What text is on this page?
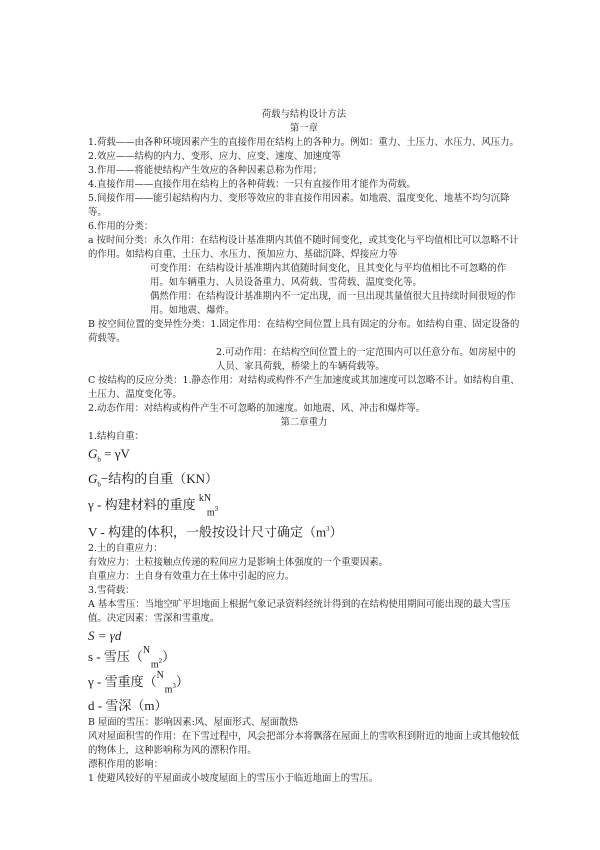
荷载与结构设计方法

第一章

1.荷载——由各种环境因素产生的直接作用在结构上的各种力。例如：重力、土压力、水压力、风压力。

2.效应——结构的内力、变形、应力、应变、速度、加速度等

3.作用——将能使结构产生效应的各种因素总称为作用；

4.直接作用——直接作用在结构上的各种荷载：一只有直接作用才能作为荷载。

5.间接作用——能引起结构内力、变形等效应的非直接作用因素。如地震、温度变化、地基不均匀沉降等。

6.作用的分类：

a 按时间分类：永久作用：在结构设计基准期内其值不随时间变化，或其变化与平均值相比可以忽略不计的作用。如结构自重、土压力、水压力、预加应力、基础沉降、焊接应力等

可变作用：在结构设计基准期内其值随时间变化，且其变化与平均值相比不可忽略的作用。如车辆重力、人员设备重力、风荷载、雪荷载、温度变化等。

偶然作用：在结构设计基准期内不一定出现，而一旦出现其量值很大且持续时间很短的作用。如地震、爆炸。

B 按空间位置的变异性分类：1.固定作用：在结构空间位置上具有固定的分布。如结构自重、固定设备的荷载等。

2.可动作用：在结构空间位置上的一定范围内可以任意分布。如房屋中的人员、家具荷载，桥梁上的车辆荷载等。

C 按结构的反应分类：1.静态作用：对结构或构件不产生加速度或其加速度可以忽略不计。如结构自重、土压力、温度变化等。

2.动态作用：对结构或构件产生不可忽略的加速度。如地震、风、冲击和爆炸等。

第二章重力

1.结构自重：

$G_b = \gamma V$

$G_b-$结构的自重（KN）

γ - 构建材料的重度 kN
$m^3$

V - 构建的体积，一般按设计尺寸确定$(m^3)$

2.土的自重应力：

有效应力：土粒接触点传递的粒间应力是影响土体强度的一个重要因素。

自重应力：土自身有效重力在土体中引起的应力。

3.雪荷载：

A 基本雪压：当地空旷平坦地面上根据气象记录资料经统计得到的在结构使用期间可能出现的最大雪压值。决定因素：雪深和雪重度。

S = γd

s - 雪压（ N
$m^2$ ）

γ - 雪重度（ N
$m^3$ ）

d - 雪深（m）

B 屋面的雪压：影响因素:风、屋面形式、屋面散热

风对屋面积雪的作用：在下雪过程中，风会把部分本将飘落在屋面上的雪吹积到附近的地面上或其他较低的物体上，这种影响称为风的漂积作用。

漂积作用的影响：

1 使避风较好的平屋面或小坡度屋面上的雪压小于临近地面上的雪压。
